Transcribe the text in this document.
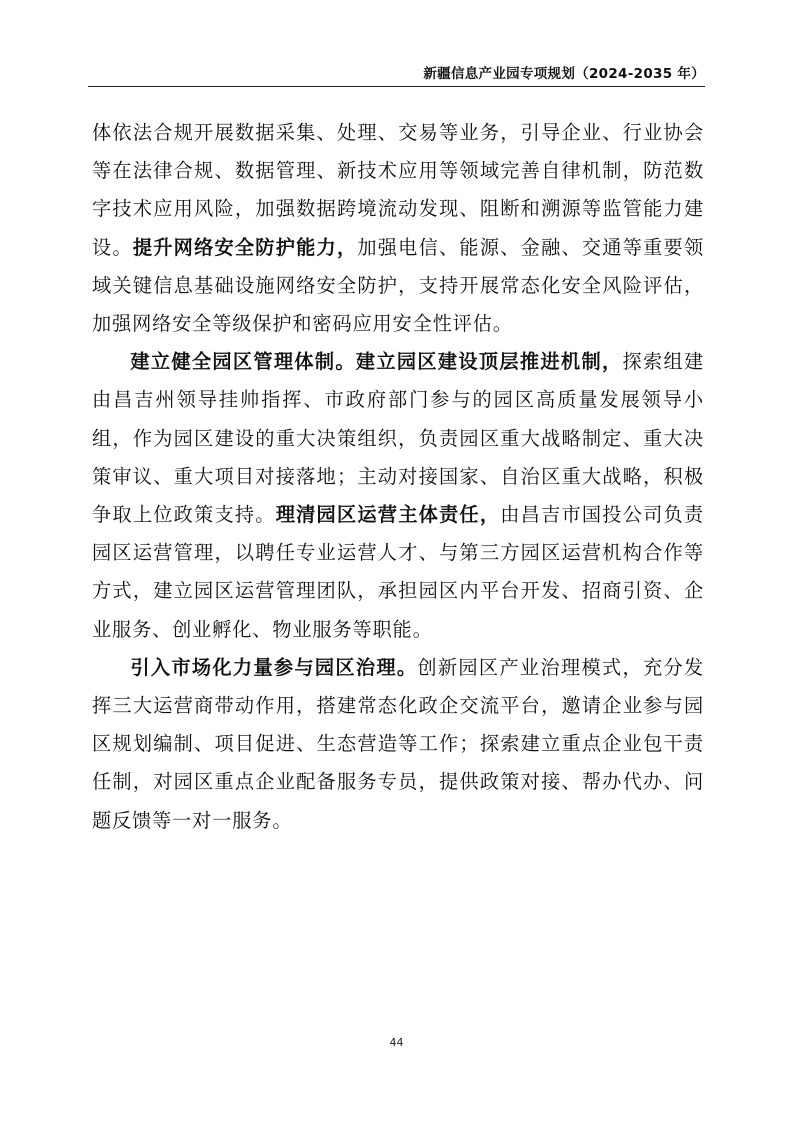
新疆信息产业园专项规划（2024-2035 年）

体依法合规开展数据采集、处理、交易等业务，引导企业、行业协会等在法律合规、数据管理、新技术应用等领域完善自律机制，防范数字技术应用风险，加强数据跨境流动发现、阻断和溯源等监管能力建设。提升网络安全防护能力，加强电信、能源、金融、交通等重要领域关键信息基础设施网络安全防护，支持开展常态化安全风险评估，加强网络安全等级保护和密码应用安全性评估。

建立健全园区管理体制。建立园区建设顶层推进机制，探索组建由昌吉州领导挂帅指挥、市政府部门参与的园区高质量发展领导小组，作为园区建设的重大决策组织，负责园区重大战略制定、重大决策审议、重大项目对接落地；主动对接国家、自治区重大战略，积极争取上位政策支持。理清园区运营主体责任，由昌吉市国投公司负责园区运营管理，以聘任专业运营人才、与第三方园区运营机构合作等方式，建立园区运营管理团队，承担园区内平台开发、招商引资、企业服务、创业孵化、物业服务等职能。

引入市场化力量参与园区治理。创新园区产业治理模式，充分发挥三大运营商带动作用，搭建常态化政企交流平台，邀请企业参与园区规划编制、项目促进、生态营造等工作；探索建立重点企业包干责任制，对园区重点企业配备服务专员，提供政策对接、帮办代办、问题反馈等一对一服务。

44
